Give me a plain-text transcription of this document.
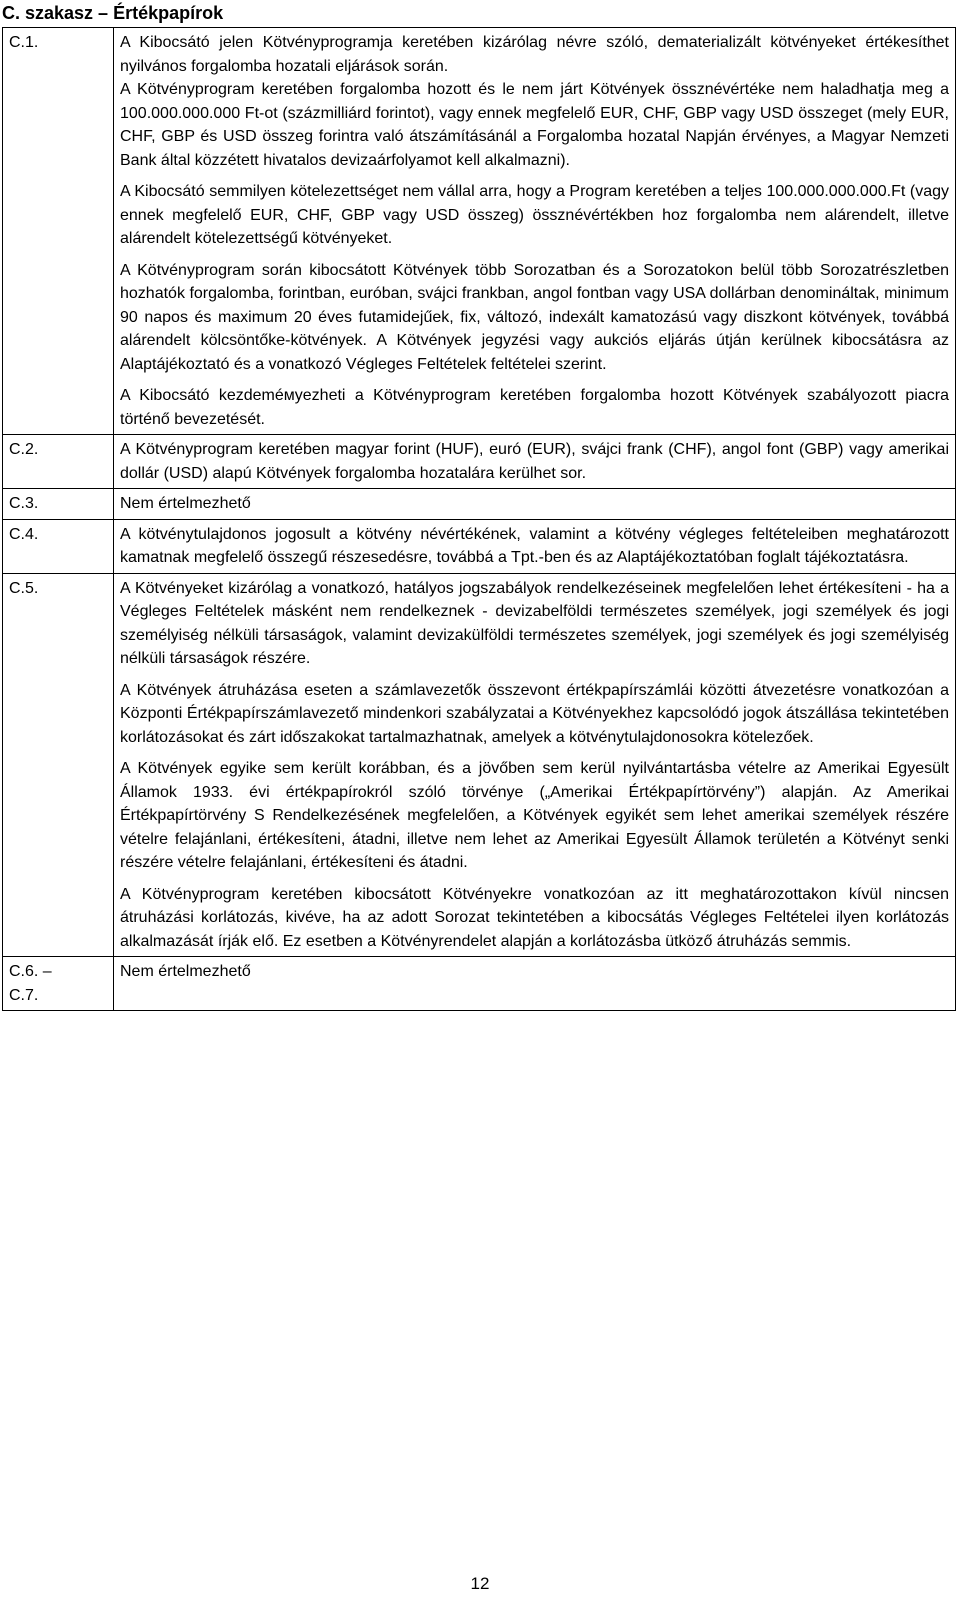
C. szakasz – Értékpapírok
C.1.	A Kibocsátó jelen Kötvényprogramja keretében kizárólag névre szóló, dematerializált kötvényeket értékesíthet nyilvános forgalomba hozatali eljárások során.

A Kötvényprogram keretében forgalomba hozott és le nem járt Kötvények össznévértéke nem haladhatja meg a 100.000.000.000 Ft-ot (százmilliárd forintot), vagy ennek megfelelő EUR, CHF, GBP vagy USD összeget (mely EUR, CHF, GBP és USD összeg forintra való átszámításánál a Forgalomba hozatal Napján érvényes, a Magyar Nemzeti Bank által közzétett hivatalos devizaárfolyamot kell alkalmazni).

A Kibocsátó semmilyen kötelezettséget nem vállal arra, hogy a Program keretében a teljes 100.000.000.000.Ft (vagy ennek megfelelő EUR, CHF, GBP vagy USD összeg) össznévértékben hoz forgalomba nem alárendelt, illetve alárendelt kötelezettségű kötvényeket.

A Kötvényprogram során kibocsátott Kötvények több Sorozatban és a Sorozatokon belül több Sorozatrészletben hozhatók forgalomba, forintban, euróban, svájci frankban, angol fontban vagy USA dollárban denomináltak, minimum 90 napos és maximum 20 éves futamidejűek, fix, változó, indexált kamatozású vagy diszkont kötvények, továbbá alárendelt kölcsöntőke-kötvények. A Kötvények jegyzési vagy aukciós eljárás útján kerülnek kibocsátásra az Alaptájékoztató és a vonatkozó Végleges Feltételek feltételei szerint.

A Kibocsátó kezdeméмyezheti a Kötvényprogram keretében forgalomba hozott Kötvények szabályozott piacra történő bevezetését.

C.2.	A Kötvényprogram keretében magyar forint (HUF), euró (EUR), svájci frank (CHF), angol font (GBP) vagy amerikai dollár (USD) alapú Kötvények forgalomba hozatalára kerülhet sor.

C.3.	Nem értelmezhető

C.4.	A kötvénytulajdonos jogosult a kötvény névértékének, valamint a kötvény végleges feltételeiben meghatározott kamatnak megfelelő összegű részesedésre, továbbá a Tpt.-ben és az Alaptájékoztatóban foglalt tájékoztatásra.

C.5.	A Kötvényeket kizárólag a vonatkozó, hatályos jogszabályok rendelkezéseinek megfelelően lehet értékesíteni - ha a Végleges Feltételek másként nem rendelkeznek - devizabelföldi természetes személyek, jogi személyek és jogi személyiség nélküli társaságok, valamint devizakülföldi természetes személyek, jogi személyek és jogi személyiség nélküli társaságok részére.

A Kötvények átruházása eseten a számlavezetők összevont értékpapírszámlái közötti átvezetésre vonatkozóan a Központi Értékpapírszámlavezető mindenkori szabályzatai a Kötvényekhez kapcsolódó jogok átszállása tekintetében korlátozásokat és zárt időszakokat tartalmazhatnak, amelyek a kötvénytulajdonosokra kötelezőek.

A Kötvények egyike sem került korábban, és a jövőben sem kerül nyilvántartásba vételre az Amerikai Egyesült Államok 1933. évi értékpapírokról szóló törvénye („Amerikai Értékpapírtörvény”) alapján. Az Amerikai Értékpapírtörvény S Rendelkezésének megfelelően, a Kötvények egyikét sem lehet amerikai személyek részére vételre felajánlani, értékesíteni, átadni, illetve nem lehet az Amerikai Egyesült Államok területén a Kötvényt senki részére vételre felajánlani, értékesíteni és átadni.

A Kötvényprogram keretében kibocsátott Kötvényekre vonatkozóan az itt meghatározottakon kívül nincsen átruházási korlátozás, kivéve, ha az adott Sorozat tekintetében a kibocsátás Végleges Feltételei ilyen korlátozás alkalmazását írják elő. Ez esetben a Kötvényrendelet alapján a korlátozásba ütköző átruházás semmis.

C.6. –
C.7.	Nem értelmezhető

12
